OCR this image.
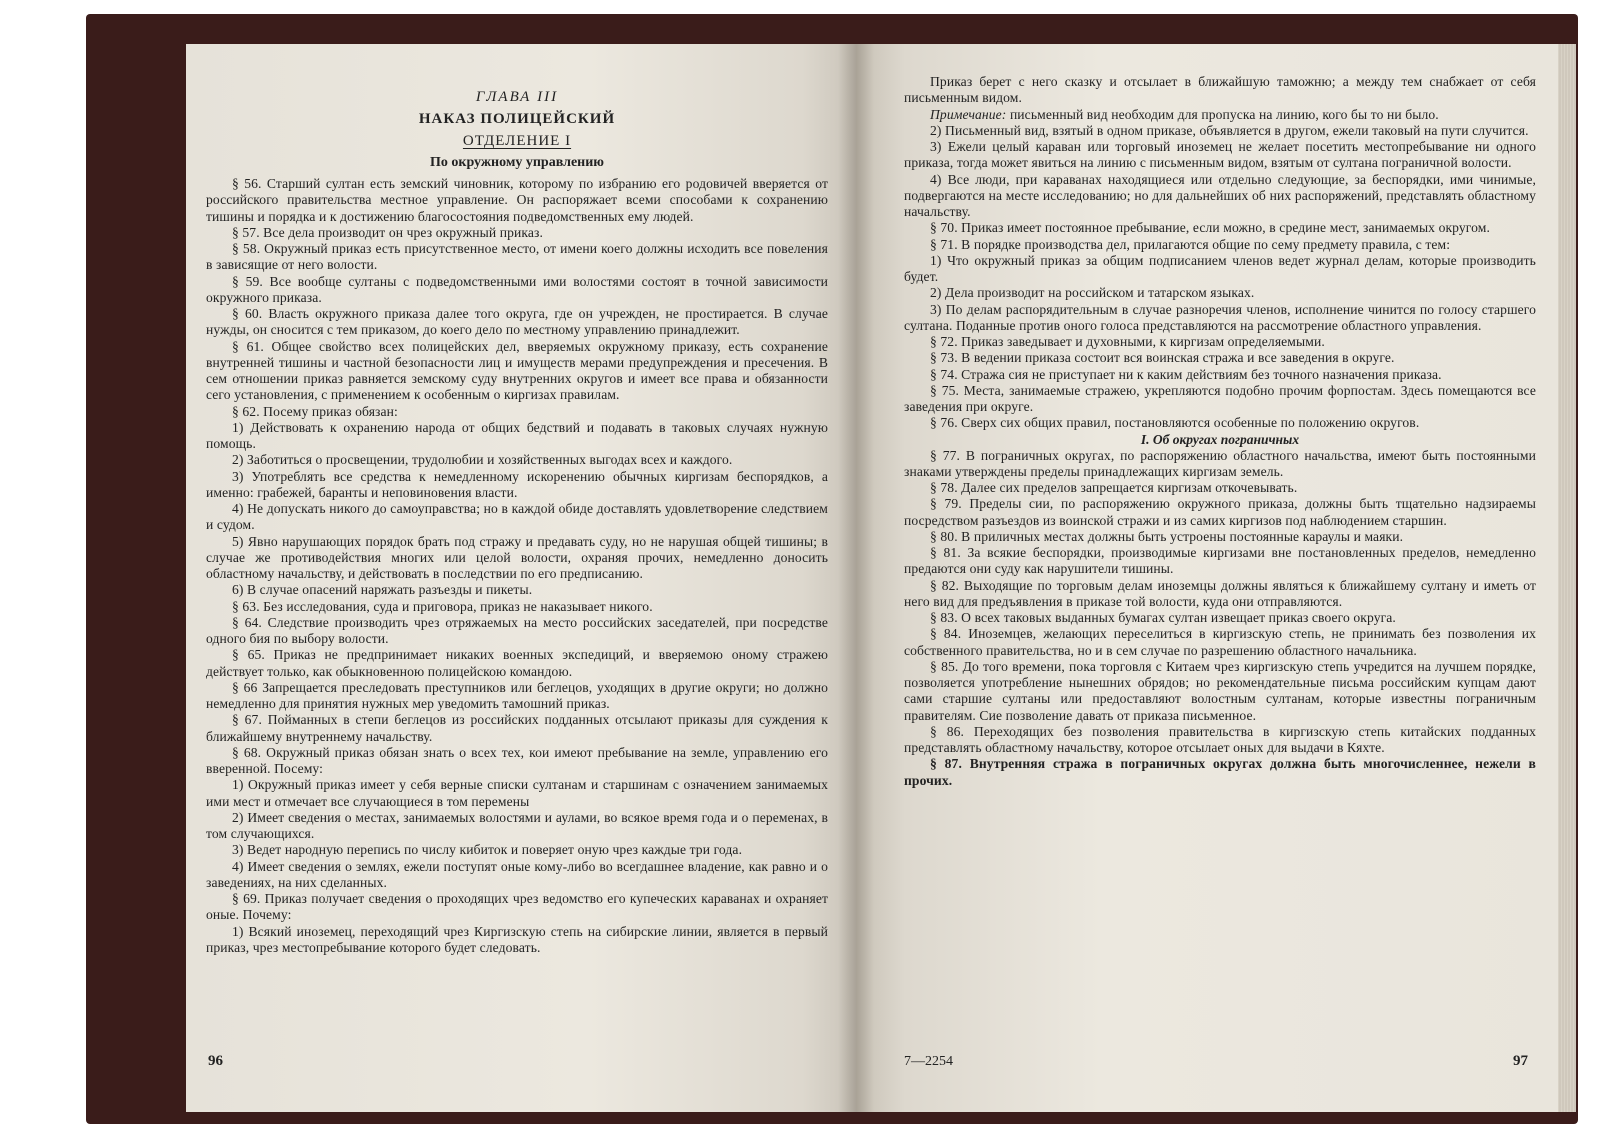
ГЛАВА III
НАКАЗ ПОЛИЦЕЙСКИЙ
ОТДЕЛЕНИЕ I
По окружному управлению

§ 56. Старший султан есть земский чиновник, которому по избранию его родовичей вверяется от российского правительства местное управление. Он распоряжает всеми способами к сохранению тишины и порядка и к достижению благосостояния подведомственных ему людей.

§ 57. Все дела производит он чрез окружный приказ.

§ 58. Окружный приказ есть присутственное место, от имени коего должны исходить все повеления в зависящие от него волости.

§ 59. Все вообще султаны с подведомственными ими волостями состоят в точной зависимости окружного приказа.

§ 60. Власть окружного приказа далее того округа, где он учрежден, не простирается. В случае нужды, он сносится с тем приказом, до коего дело по местному управлению принадлежит.

§ 61. Общее свойство всех полицейских дел, вверяемых окружному приказу, есть сохранение внутренней тишины и частной безопасности лиц и имуществ мерами предупреждения и пресечения. В сем отношении приказ равняется земскому суду внутренних округов и имеет все права и обязанности сего установления, с применением к особенным о киргизах правилам.

§ 62. Посему приказ обязан:

1) Действовать к охранению народа от общих бедствий и подавать в таковых случаях нужную помощь.

2) Заботиться о просвещении, трудолюбии и хозяйственных выгодах всех и каждого.

3) Употреблять все средства к немедленному искоренению обычных киргизам беспорядков, а именно: грабежей, баранты и неповиновения власти.

4) Не допускать никого до самоуправства; но в каждой обиде доставлять удовлетворение следствием и судом.

5) Явно нарушающих порядок брать под стражу и предавать суду, но не нарушая общей тишины; в случае же противодействия многих или целой волости, охраняя прочих, немедленно доносить областному начальству, и действовать в последствии по его предписанию.

6) В случае опасений наряжать разъезды и пикеты.

§ 63. Без исследования, суда и приговора, приказ не наказывает никого.

§ 64. Следствие производить чрез отряжаемых на место российских заседателей, при посредстве одного бия по выбору волости.

§ 65. Приказ не предпринимает никаких военных экспедиций, и вверяемою оному стражею действует только, как обыкновенною полицейскою командою.

§ 66 Запрещается преследовать преступников или беглецов, уходящих в другие округи; но должно немедленно для принятия нужных мер уведомить тамошний приказ.

§ 67. Пойманных в степи беглецов из российских подданных отсылают приказы для суждения к ближайшему внутреннему начальству.

§ 68. Окружный приказ обязан знать о всех тех, кои имеют пребывание на земле, управлению его вверенной. Посему:

1) Окружный приказ имеет у себя верные списки султанам и старшинам с означением занимаемых ими мест и отмечает все случающиеся в том перемены

2) Имеет сведения о местах, занимаемых волостями и аулами, во всякое время года и о переменах, в том случающихся.

3) Ведет народную перепись по числу кибиток и поверяет оную чрез каждые три года.

4) Имеет сведения о землях, ежели поступят оные кому-либо во всегдашнее владение, как равно и о заведениях, на них сделанных.

§ 69. Приказ получает сведения о проходящих чрез ведомство его купеческих караванах и охраняет оные. Почему:

1) Всякий иноземец, переходящий чрез Киргизскую степь на сибирские линии, является в первый приказ, чрез местопребывание которого будет следовать.

96

Приказ берет с него сказку и отсылает в ближайшую таможню; а между тем снабжает от себя письменным видом.

Примечание: письменный вид необходим для пропуска на линию, кого бы то ни было.

2) Письменный вид, взятый в одном приказе, объявляется в другом, ежели таковый на пути случится.

3) Ежели целый караван или торговый иноземец не желает посетить местопребывание ни одного приказа, тогда может явиться на линию с письменным видом, взятым от султана пограничной волости.

4) Все люди, при караванах находящиеся или отдельно следующие, за беспорядки, ими чинимые, подвергаются на месте исследованию; но для дальнейших об них распоряжений, представлять областному начальству.

§ 70. Приказ имеет постоянное пребывание, если можно, в средине мест, занимаемых округом.

§ 71. В порядке производства дел, прилагаются общие по сему предмету правила, с тем:

1) Что окружный приказ за общим подписанием членов ведет журнал делам, которые производить будет.

2) Дела производит на российском и татарском языках.

3) По делам распорядительным в случае разноречия членов, исполнение чинится по голосу старшего султана. Поданные против оного голоса представляются на рассмотрение областного управления.

§ 72. Приказ заведывает и духовными, к киргизам определяемыми.

§ 73. В ведении приказа состоит вся воинская стража и все заведения в округе.

§ 74. Стража сия не приступает ни к каким действиям без точного назначения приказа.

§ 75. Места, занимаемые стражею, укрепляются подобно прочим форпостам. Здесь помещаются все заведения при округе.

§ 76. Сверх сих общих правил, постановляются особенные по положению округов.

I. Об округах пограничных

§ 77. В пограничных округах, по распоряжению областного начальства, имеют быть постоянными знаками утверждены пределы принадлежащих киргизам земель.

§ 78. Далее сих пределов запрещается киргизам откочевывать.

§ 79. Пределы сии, по распоряжению окружного приказа, должны быть тщательно надзираемы посредством разъездов из воинской стражи и из самих киргизов под наблюдением старшин.

§ 80. В приличных местах должны быть устроены постоянные караулы и маяки.

§ 81. За всякие беспорядки, производимые киргизами вне постановленных пределов, немедленно предаются они суду как нарушители тишины.

§ 82. Выходящие по торговым делам иноземцы должны являться к ближайшему султану и иметь от него вид для предъявления в приказе той волости, куда они отправляются.

§ 83. О всех таковых выданных бумагах султан извещает приказ своего округа.

§ 84. Иноземцев, желающих переселиться в киргизскую степь, не принимать без позволения их собственного правительства, но и в сем случае по разрешению областного начальника.

§ 85. До того времени, пока торговля с Китаем чрез киргизскую степь учредится на лучшем порядке, позволяется употребление нынешних обрядов; но рекомендательные письма российским купцам дают сами старшие султаны или предоставляют волостным султанам, которые известны пограничным правителям. Сие позволение давать от приказа письменное.

§ 86. Переходящих без позволения правительства в киргизскую степь китайских подданных представлять областному начальству, которое отсылает оных для выдачи в Кяхте.

§ 87. Внутренняя стража в пограничных округах должна быть многочисленнее, нежели в прочих.

7—2254	97
